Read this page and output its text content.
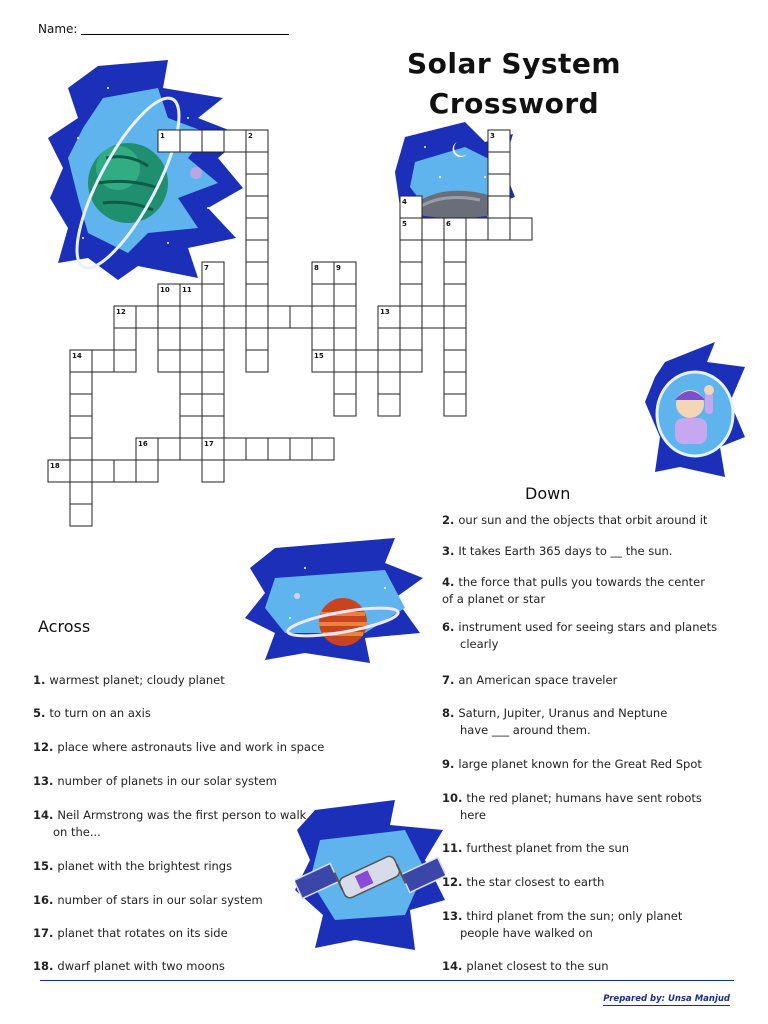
Name:
Solar System
Crossword
1	2	3
4
5	6
7	8 9
10 11
12	13
14	15
16	17
18
Down
2. our sun and the objects that orbit around it
3. It takes Earth 365 days to __ the sun.
4. the force that pulls you towards the center
of a planet or star
6. instrument used for seeing stars and planets
clearly
7. an American space traveler
8. Saturn, Jupiter, Uranus and Neptune
have ___ around them.
9. large planet known for the Great Red Spot
10. the red planet; humans have sent robots
here
11. furthest planet from the sun
12. the star closest to earth
13. third planet from the sun; only planet
people have walked on
14. planet closest to the sun
Across
1. warmest planet; cloudy planet
5. to turn on an axis
12. place where astronauts live and work in space
13. number of planets in our solar system
14. Neil Armstrong was the first person to walk
on the...
15. planet with the brightest rings
16. number of stars in our solar system
17. planet that rotates on its side
18. dwarf planet with two moons
Prepared by: Unsa Manjud
